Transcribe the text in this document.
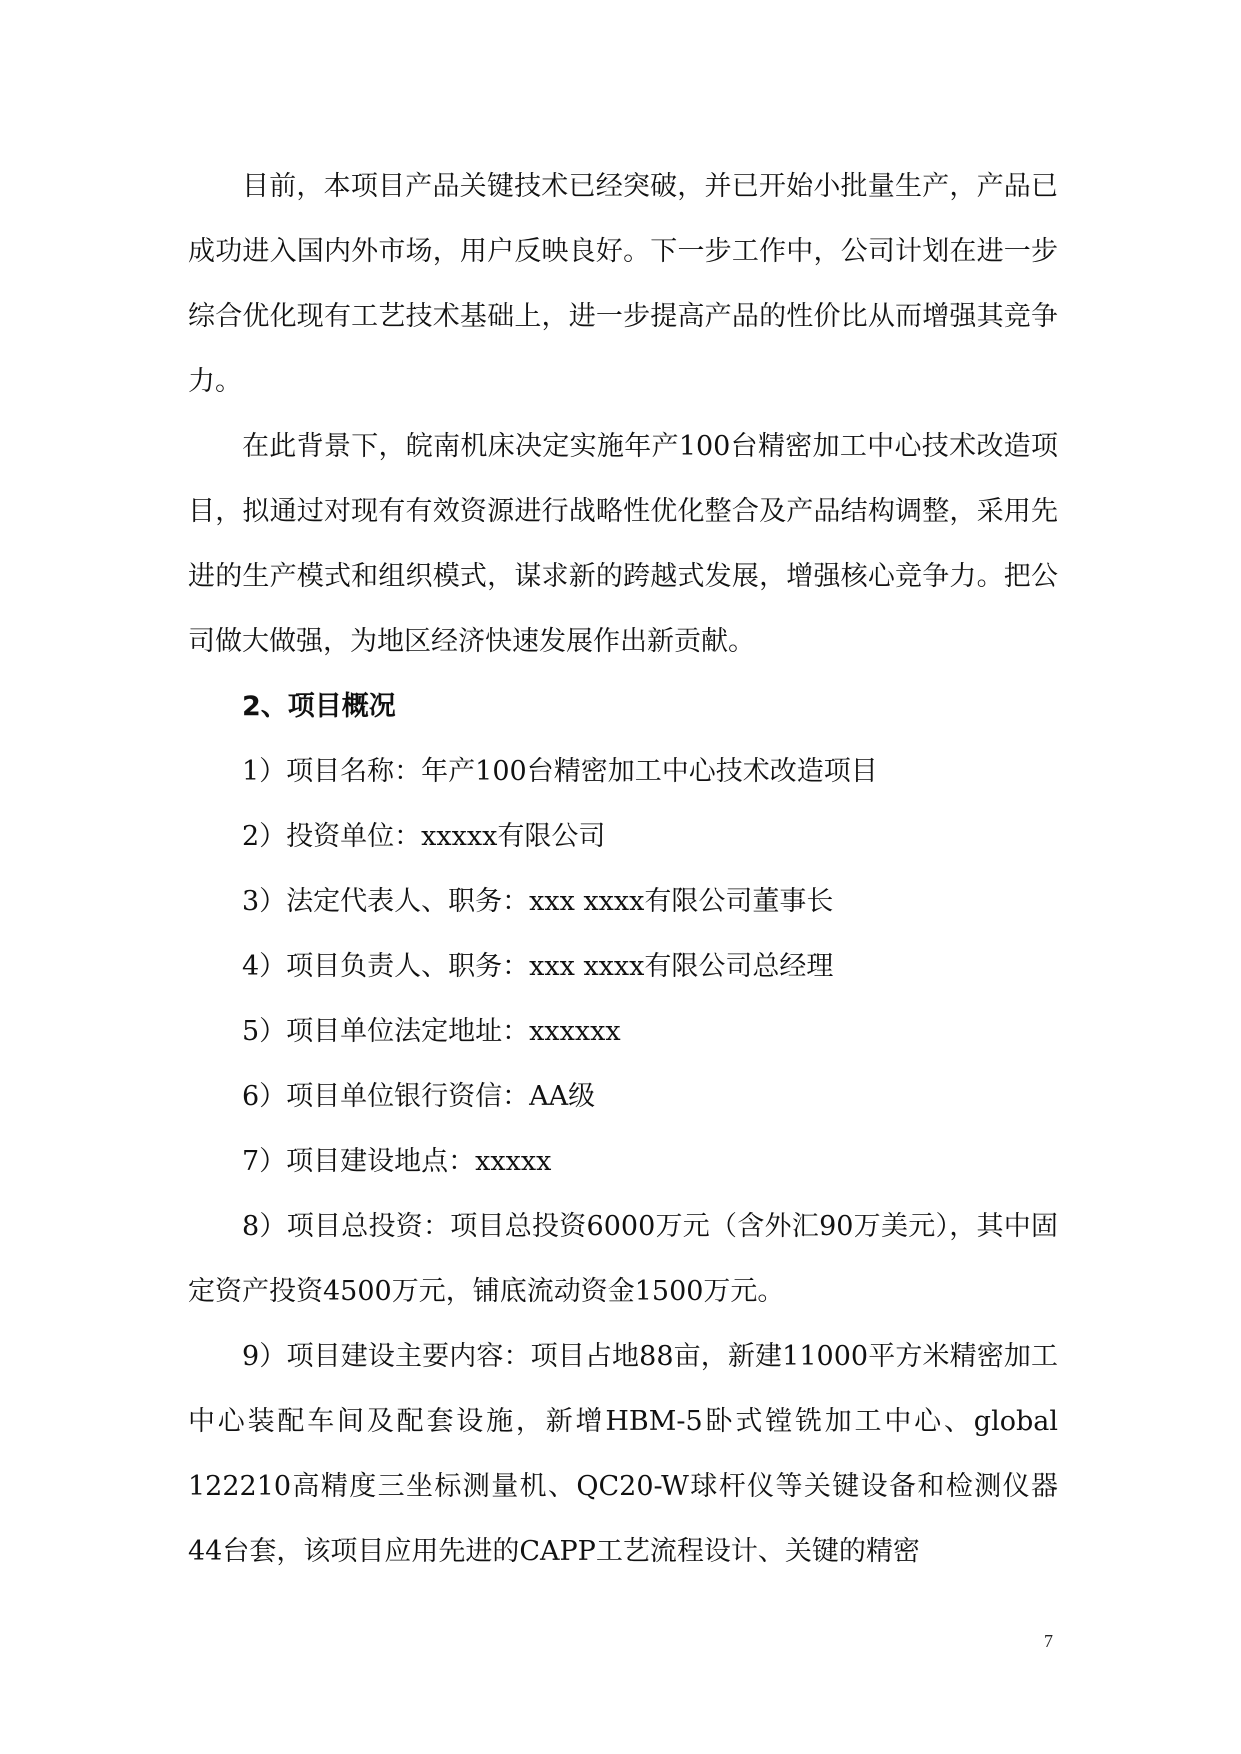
目前，本项目产品关键技术已经突破，并已开始小批量生产，产品已成功进入国内外市场，用户反映良好。下一步工作中，公司计划在进一步综合优化现有工艺技术基础上，进一步提高产品的性价比从而增强其竞争力。

在此背景下，皖南机床决定实施年产100台精密加工中心技术改造项目，拟通过对现有有效资源进行战略性优化整合及产品结构调整，采用先进的生产模式和组织模式，谋求新的跨越式发展，增强核心竞争力。把公司做大做强，为地区经济快速发展作出新贡献。

2、项目概况

1）项目名称：年产100台精密加工中心技术改造项目

2）投资单位：xxxxx有限公司

3）法定代表人、职务：xxx xxxx有限公司董事长

4）项目负责人、职务：xxx xxxx有限公司总经理

5）项目单位法定地址：xxxxxx

6）项目单位银行资信：AA级

7）项目建设地点：xxxxx

8）项目总投资：项目总投资6000万元（含外汇90万美元），其中固定资产投资4500万元，铺底流动资金1500万元。

9）项目建设主要内容：项目占地88亩，新建11000平方米精密加工中心装配车间及配套设施，新增HBM-5卧式镗铣加工中心、global 122210高精度三坐标测量机、QC20-W球杆仪等关键设备和检测仪器44台套，该项目应用先进的CAPP工艺流程设计、关键的精密

7
